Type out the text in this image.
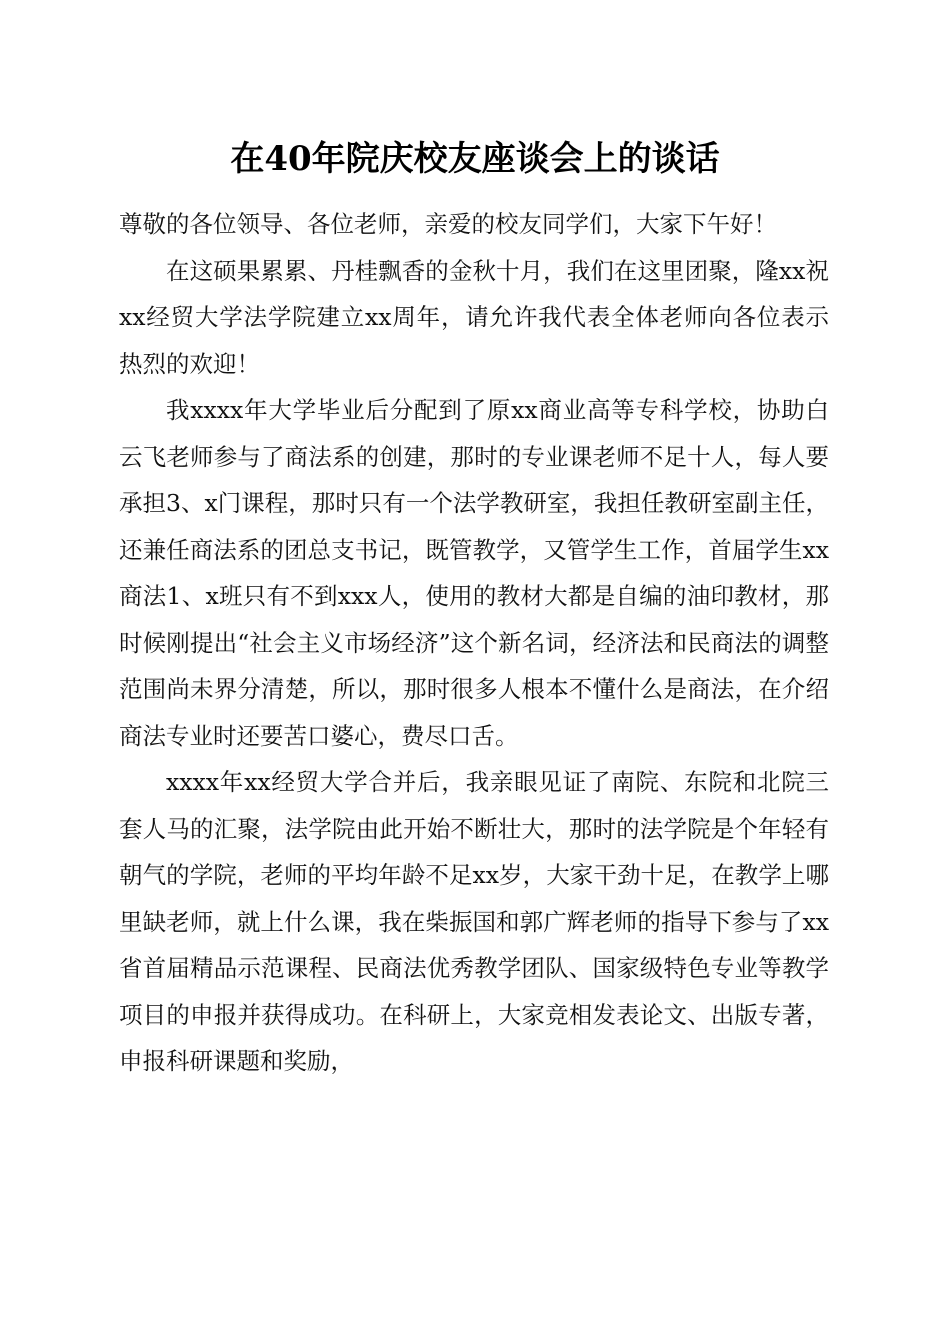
在40年院庆校友座谈会上的谈话

尊敬的各位领导、各位老师，亲爱的校友同学们，大家下午好！

在这硕果累累、丹桂飘香的金秋十月，我们在这里团聚，隆xx祝xx经贸大学法学院建立xx周年，请允许我代表全体老师向各位表示热烈的欢迎！

我xxxx年大学毕业后分配到了原xx商业高等专科学校，协助白云飞老师参与了商法系的创建，那时的专业课老师不足十人，每人要承担3、x门课程，那时只有一个法学教研室，我担任教研室副主任，还兼任商法系的团总支书记，既管教学，又管学生工作，首届学生xx商法1、x班只有不到xxx人，使用的教材大都是自编的油印教材，那时候刚提出“社会主义市场经济”这个新名词，经济法和民商法的调整范围尚未界分清楚，所以，那时很多人根本不懂什么是商法，在介绍商法专业时还要苦口婆心，费尽口舌。

xxxx年xx经贸大学合并后，我亲眼见证了南院、东院和北院三套人马的汇聚，法学院由此开始不断壮大，那时的法学院是个年轻有朝气的学院，老师的平均年龄不足xx岁，大家干劲十足，在教学上哪里缺老师，就上什么课，我在柴振国和郭广辉老师的指导下参与了xx省首届精品示范课程、民商法优秀教学团队、国家级特色专业等教学项目的申报并获得成功。在科研上，大家竞相发表论文、出版专著，申报科研课题和奖励，
